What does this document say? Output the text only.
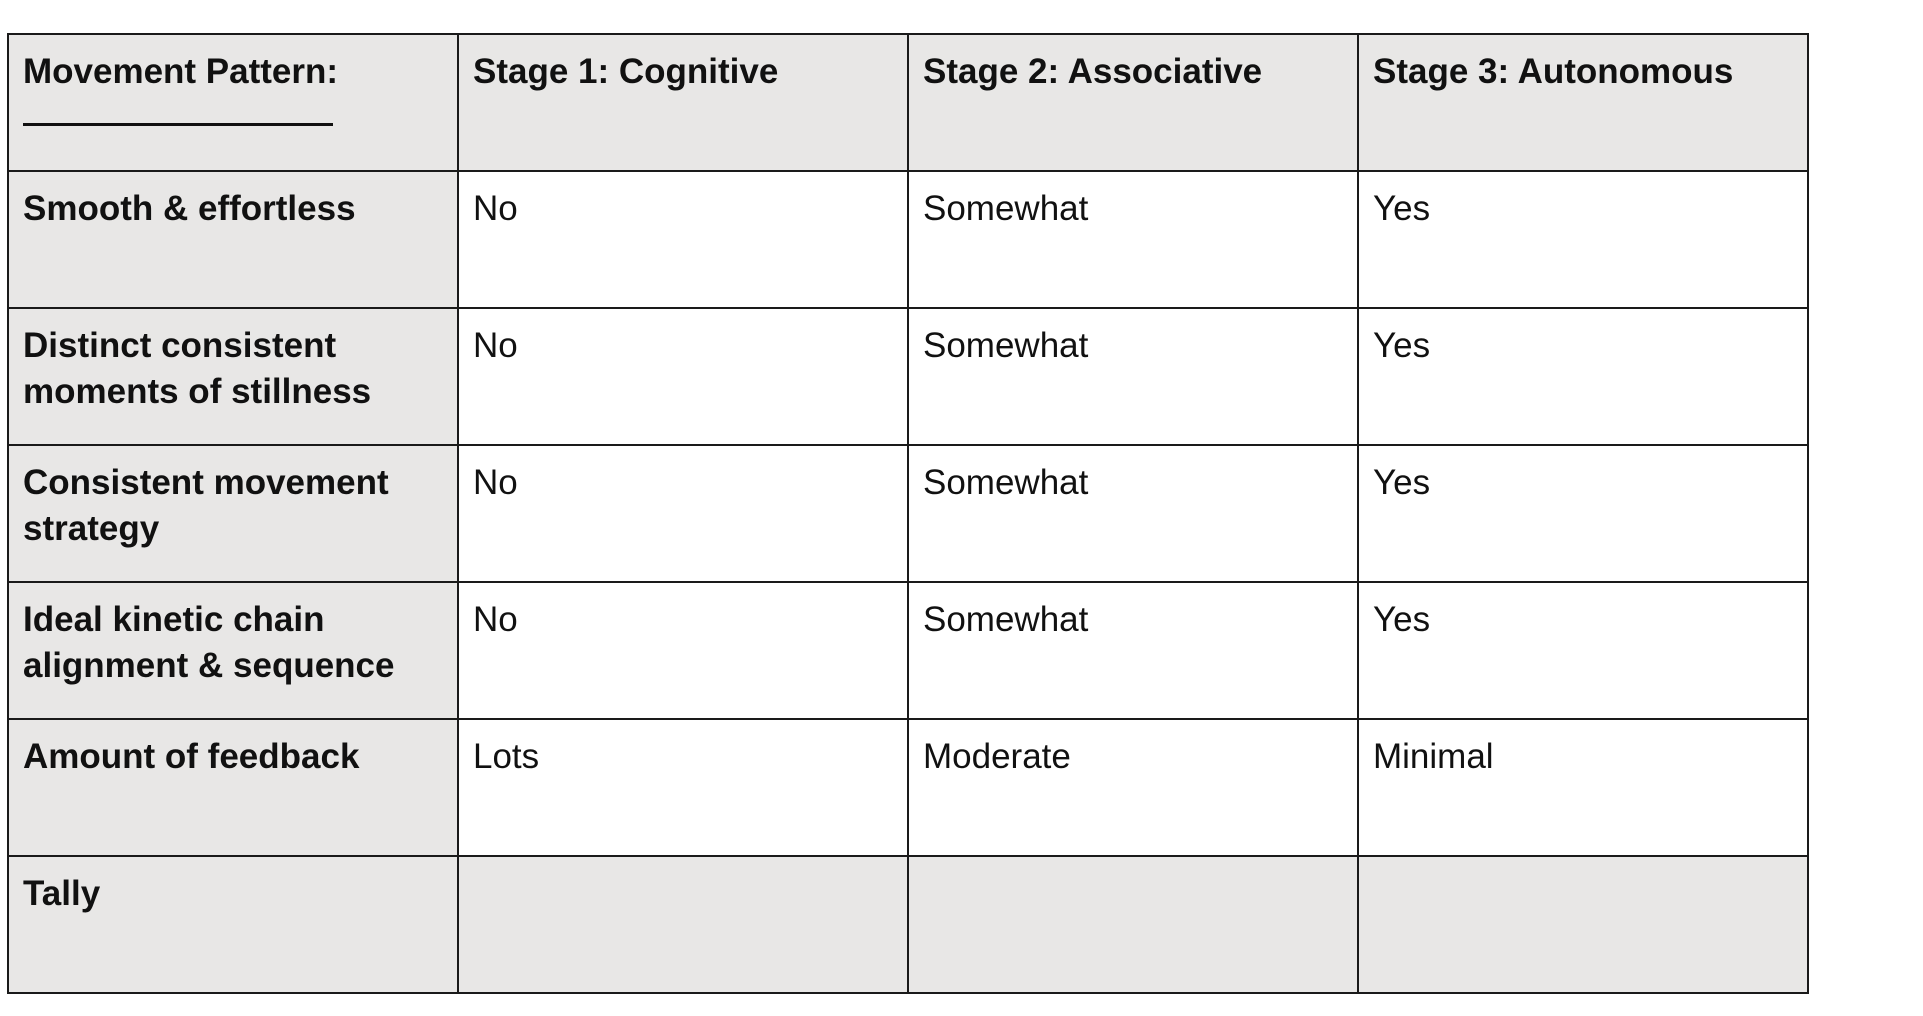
Movement Pattern:	Stage 1: Cognitive	Stage 2: Associative	Stage 3: Autonomous
Smooth & effortless	No	Somewhat	Yes
Distinct consistent moments of stillness	No	Somewhat	Yes
Consistent movement strategy	No	Somewhat	Yes
Ideal kinetic chain alignment & sequence	No	Somewhat	Yes
Amount of feedback	Lots	Moderate	Minimal
Tally			
